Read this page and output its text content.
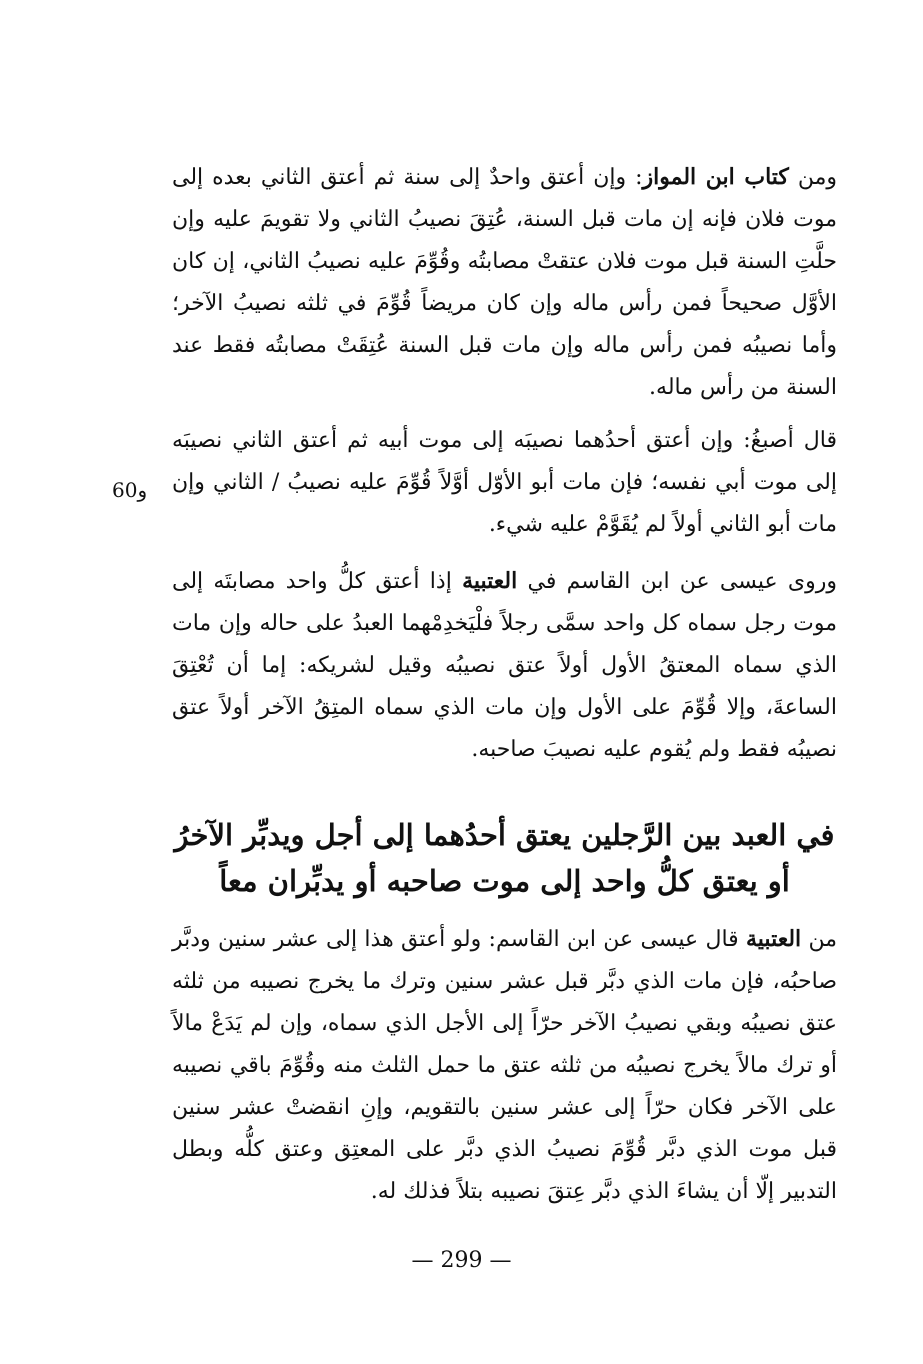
ومن كتاب ابن المواز: وإن أعتق واحدٌ إلى سنة ثم أعتق الثاني بعده إلى موت فلان فإنه إن مات قبل السنة، عُتِقَ نصيبُ الثاني ولا تقويمَ عليه وإن حلَّتِ السنة قبل موت فلان عتقتْ مصابتُه وقُوِّمَ عليه نصيبُ الثاني، إن كان الأوَّل صحيحاً فمن رأس ماله وإن كان مريضاً قُوِّمَ في ثلثه نصيبُ الآخر؛ وأما نصيبُه فمن رأس ماله وإن مات قبل السنة عُتِقَتْ مصابتُه فقط عند السنة من رأس ماله.

قال أصبغُ: وإن أعتق أحدُهما نصيبَه إلى موت أبيه ثم أعتق الثاني نصيبَه إلى موت أبي نفسه؛ فإن مات أبو الأوّل أوَّلاً قُوِّمَ عليه نصيبُ / الثاني وإن مات أبو الثاني أولاً لم يُقَوَّمْ عليه شيء.

و60

وروى عيسى عن ابن القاسم في العتبية إذا أعتق كلُّ واحد مصابتَه إلى موت رجل سماه كل واحد سمَّى رجلاً فلْيَخدِمْهما العبدُ على حاله وإن مات الذي سماه المعتقُ الأول أولاً عتق نصيبُه وقيل لشريكه: إما أن تُعْتِقَ الساعةَ، وإلا قُوِّمَ على الأول وإن مات الذي سماه المتِقُ الآخر أولاً عتق نصيبُه فقط ولم يُقوم عليه نصيبَ صاحبه.

في العبد بين الرَّجلين يعتق أحدُهما إلى أجل ويدبِّر الآخرُ
أو يعتق كلُّ واحد إلى موت صاحبه أو يدبِّران معاً

من العتبية قال عيسى عن ابن القاسم: ولو أعتق هذا إلى عشر سنين ودبَّر صاحبُه، فإن مات الذي دبَّر قبل عشر سنين وترك ما يخرج نصيبه من ثلثه عتق نصيبُه وبقي نصيبُ الآخر حرّاً إلى الأجل الذي سماه، وإن لم يَدَعْ مالاً أو ترك مالاً يخرج نصيبُه من ثلثه عتق ما حمل الثلث منه وقُوِّمَ باقي نصيبه على الآخر فكان حرّاً إلى عشر سنين بالتقويم، وإنِ انقضتْ عشر سنين قبل موت الذي دبَّر قُوِّمَ نصيبُ الذي دبَّر على المعتِق وعتق كلُّه وبطل التدبير إلّا أن يشاءَ الذي دبَّر عِتقَ نصيبه بتلاً فذلك له.

— 299 —
